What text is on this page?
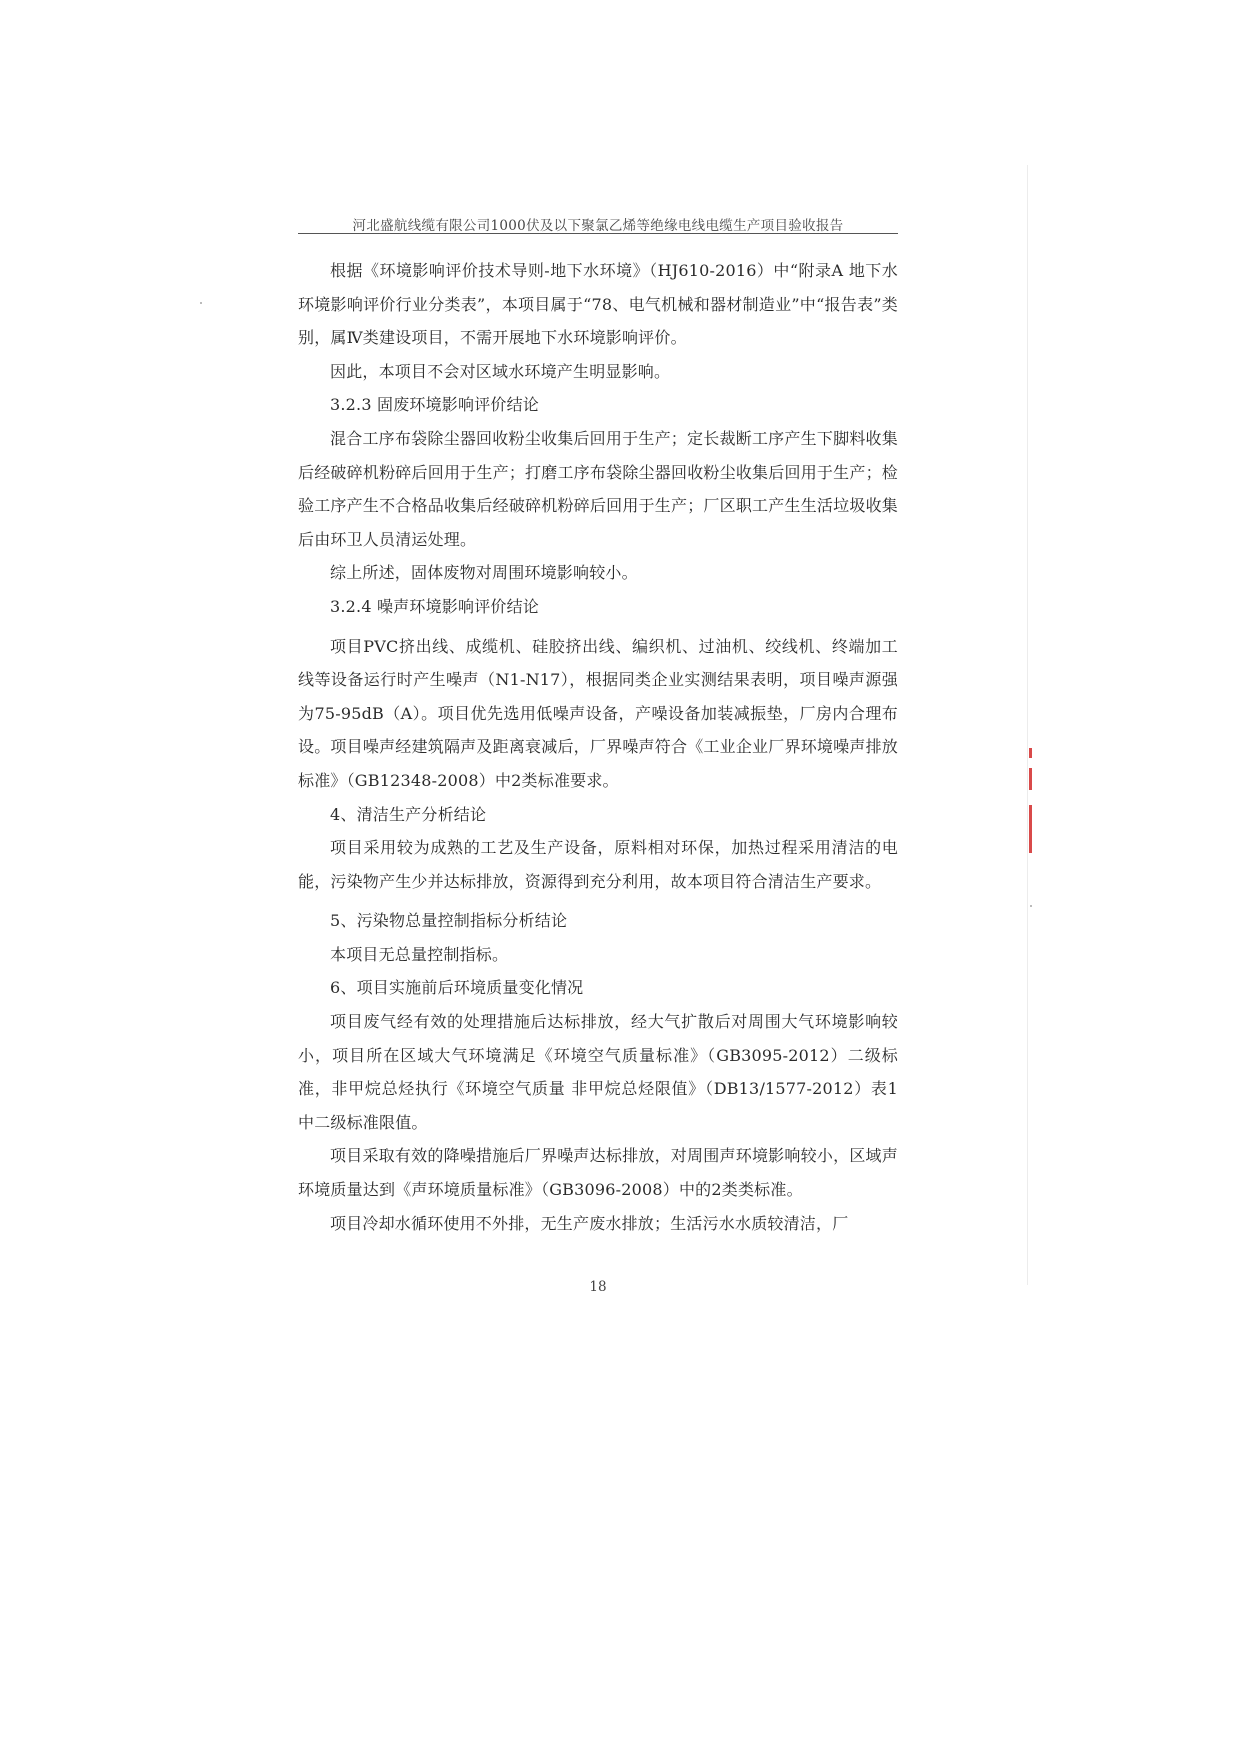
河北盛航线缆有限公司1000伏及以下聚氯乙烯等绝缘电线电缆生产项目验收报告

根据《环境影响评价技术导则-地下水环境》（HJ610-2016）中“附录A 地下水环境影响评价行业分类表”，本项目属于“78、电气机械和器材制造业”中“报告表”类别，属Ⅳ类建设项目，不需开展地下水环境影响评价。

因此，本项目不会对区域水环境产生明显影响。

3.2.3 固废环境影响评价结论

混合工序布袋除尘器回收粉尘收集后回用于生产；定长裁断工序产生下脚料收集后经破碎机粉碎后回用于生产；打磨工序布袋除尘器回收粉尘收集后回用于生产；检验工序产生不合格品收集后经破碎机粉碎后回用于生产；厂区职工产生生活垃圾收集后由环卫人员清运处理。

综上所述，固体废物对周围环境影响较小。

3.2.4 噪声环境影响评价结论

项目PVC挤出线、成缆机、硅胶挤出线、编织机、过油机、绞线机、终端加工线等设备运行时产生噪声（N1-N17），根据同类企业实测结果表明，项目噪声源强为75-95dB（A）。项目优先选用低噪声设备，产噪设备加装减振垫，厂房内合理布设。项目噪声经建筑隔声及距离衰减后，厂界噪声符合《工业企业厂界环境噪声排放标准》（GB12348-2008）中2类标准要求。

4、清洁生产分析结论

项目采用较为成熟的工艺及生产设备，原料相对环保，加热过程采用清洁的电能，污染物产生少并达标排放，资源得到充分利用，故本项目符合清洁生产要求。

5、污染物总量控制指标分析结论

本项目无总量控制指标。

6、项目实施前后环境质量变化情况

项目废气经有效的处理措施后达标排放，经大气扩散后对周围大气环境影响较小，项目所在区域大气环境满足《环境空气质量标准》（GB3095-2012）二级标准，非甲烷总烃执行《环境空气质量 非甲烷总烃限值》（DB13/1577-2012）表1中二级标准限值。

项目采取有效的降噪措施后厂界噪声达标排放，对周围声环境影响较小，区域声环境质量达到《声环境质量标准》（GB3096-2008）中的2类类标准。

项目冷却水循环使用不外排，无生产废水排放；生活污水水质较清洁，厂

18
